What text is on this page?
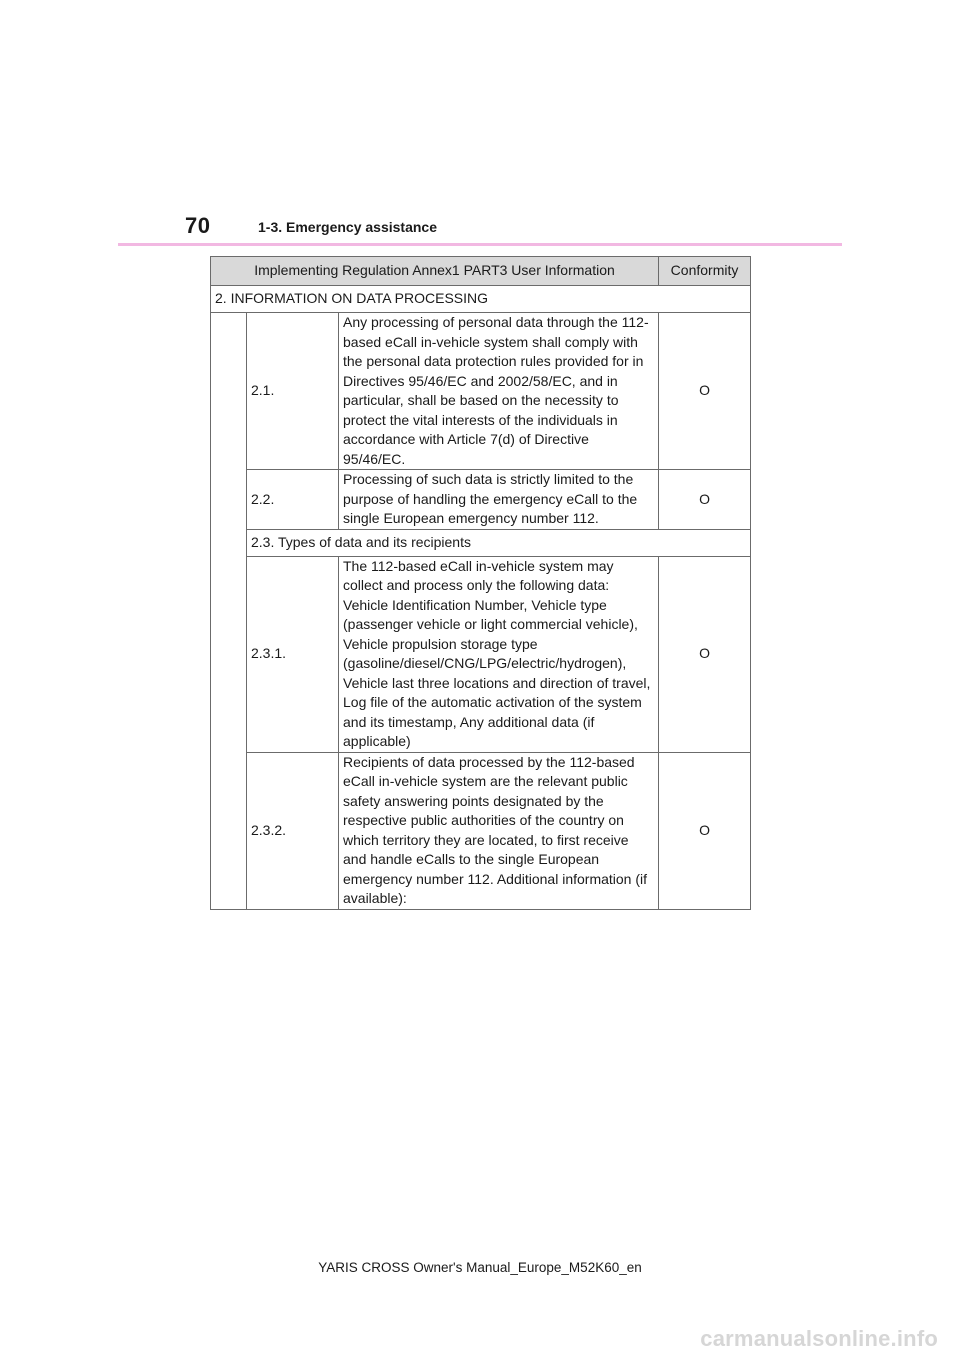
70	1-3. Emergency assistance
Implementing Regulation Annex1 PART3 User Information			Conformity
2. INFORMATION ON DATA PROCESSING			
	2.1.	Any processing of personal data through the 112-based eCall in-vehicle system shall comply with the personal data protection rules provided for in Directives 95/46/EC and 2002/58/EC, and in particular, shall be based on the necessity to protect the vital interests of the individuals in accordance with Article 7(d) of Directive 95/46/EC.	O
	2.2.	Processing of such data is strictly limited to the purpose of handling the emergency eCall to the single European emergency number 112.	O
	2.3. Types of data and its recipients		
	2.3.1.	The 112-based eCall in-vehicle system may collect and process only the following data: Vehicle Identification Number, Vehicle type (passenger vehicle or light commercial vehicle), Vehicle propulsion storage type (gasoline/diesel/CNG/LPG/electric/hydrogen), Vehicle last three locations and direction of travel, Log file of the automatic activation of the system and its timestamp, Any additional data (if applicable)	O
	2.3.2.	Recipients of data processed by the 112-based eCall in-vehicle system are the relevant public safety answering points designated by the respective public authorities of the country on which territory they are located, to first receive and handle eCalls to the single European emergency number 112. Additional information (if available):	O
YARIS CROSS Owner's Manual_Europe_M52K60_en
carmanualsonline.info
